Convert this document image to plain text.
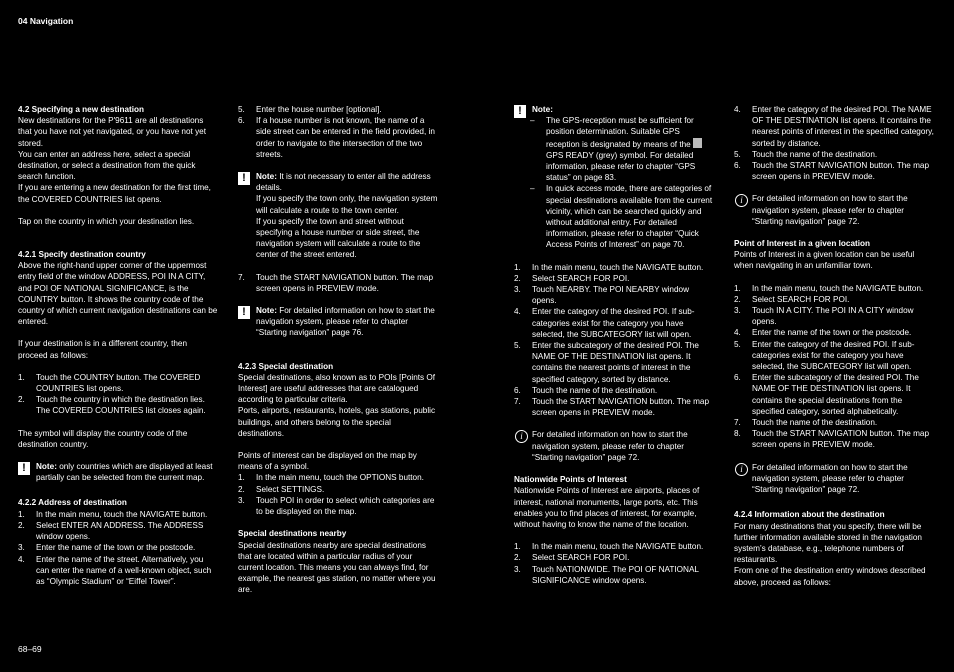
04 Navigation

4.2 Specifying a new destination

New destinations for the P'9611 are all destinations that you have not yet navigated, or you have not yet stored.

You can enter an address here, select a special destination, or select a destination from the quick search function.

If you are entering a new destination for the first time, the COVERED COUNTRIES list opens.

Tap on the country in which your destination lies.

4.2.1 Specify destination country

Above the right-hand upper corner of the uppermost entry field of the window ADDRESS, POI IN A CITY, and POI OF NATIONAL SIGNIFICANCE, is the COUNTRY button. It shows the country code of the country of which current navigation destinations can be entered.

If your destination is in a different country, then proceed as follows:

1. Touch the COUNTRY button. The COVERED COUNTRIES list opens.
2. Touch the country in which the destination lies. The COVERED COUNTRIES list closes again.

The symbol will display the country code of the destination country.

!	Note: only countries which are displayed at least partially can be selected from the current map.

4.2.2 Address of destination

1. In the main menu, touch the NAVIGATE button.
2. Select ENTER AN ADDRESS. The ADDRESS window opens.
3. Enter the name of the town or the postcode.
4. Enter the name of the street. Alternatively, you can enter the name of a well-known object, such as “Olympic Stadium” or “Eiffel Tower”.
5. Enter the house number [optional].
6. If a house number is not known, the name of a side street can be entered in the field provided, in order to navigate to the intersection of the two streets.
!	Note: It is not necessary to enter all the address details.

If you specify the town only, the navigation system will calculate a route to the town center.

If you specify the town and street without specifying a house number or side street, the navigation system will calculate a route to the center of the street entered.

7. Touch the START NAVIGATION button. The map screen opens in PREVIEW mode.
!	Note: For detailed information on how to start the navigation system, please refer to chapter “Starting navigation” page 76.

4.2.3 Special destination

Special destinations, also known as to POIs [Points Of Interest] are useful addresses that are catalogued according to particular criteria.

Ports, airports, restaurants, hotels, gas stations, public buildings, and others belong to the special destinations.

Points of interest can be displayed on the map by means of a symbol.

1. In the main menu, touch the OPTIONS button.
2. Select SETTINGS.
3. Touch POI in order to select which categories are to be displayed on the map.

Special destinations nearby

Special destinations nearby are special destinations that are located within a particular radius of your current location. This means you can always find, for example, the nearest gas station, no matter where you are.

!	Note:
– The GPS-reception must be sufficient for position determination. Suitable GPS reception is designated by means of the GPS READY (grey) symbol. For detailed information, please refer to chapter “GPS status” on page 83.
– In quick access mode, there are categories of special destinations available from the current vicinity, which can be searched quickly and without additional entry. For detailed information, please refer to chapter “Quick Access Points of Interest” on page 70.
1. In the main menu, touch the NAVIGATE button.
2. Select SEARCH FOR POI.
3. Touch NEARBY. The POI NEARBY window opens.
4. Enter the category of the desired POI. If sub-categories exist for the category you have selected, the SUBCATEGORY list will open.
5. Enter the subcategory of the desired POI. The NAME OF THE DESTINATION list opens. It contains the nearest points of interest in the specified category, sorted by distance.
6. Touch the name of the destination.
7. Touch the START NAVIGATION button. The map screen opens in PREVIEW mode.
i	For detailed information on how to start the navigation system, please refer to chapter “Starting navigation” page 72.

Nationwide Points of Interest

Nationwide Points of Interest are airports, places of interest, national monuments, large ports, etc. This enables you to find places of interest, for example, without having to know the name of the location.

1. In the main menu, touch the NAVIGATE button.
2. Select SEARCH FOR POI.
3. Touch NATIONWIDE. The POI OF NATIONAL SIGNIFICANCE window opens.
4. Enter the category of the desired POI. The NAME OF THE DESTINATION list opens. It contains the nearest points of interest in the specified category, sorted by distance.
5. Touch the name of the destination.
6. Touch the START NAVIGATION button. The map screen opens in PREVIEW mode.
i	For detailed information on how to start the navigation system, please refer to chapter “Starting navigation” page 72.

Point of Interest in a given location

Points of Interest in a given location can be useful when navigating in an unfamiliar town.

1. In the main menu, touch the NAVIGATE button.
2. Select SEARCH FOR POI.
3. Touch IN A CITY. The POI IN A CITY window opens.
4. Enter the name of the town or the postcode.
5. Enter the category of the desired POI. If sub-categories exist for the category you have selected, the SUBCATEGORY list will open.
6. Enter the subcategory of the desired POI. The NAME OF THE DESTINATION list opens. It contains the special destinations from the specified category, sorted alphabetically.
7. Touch the name of the destination.
8. Touch the START NAVIGATION button. The map screen opens in PREVIEW mode.
i	For detailed information on how to start the navigation system, please refer to chapter “Starting navigation” page 72.

4.2.4 Information about the destination

For many destinations that you specify, there will be further information available stored in the navigation system’s database, e.g., telephone numbers of restaurants.

From one of the destination entry windows described above, proceed as follows:

68–69
